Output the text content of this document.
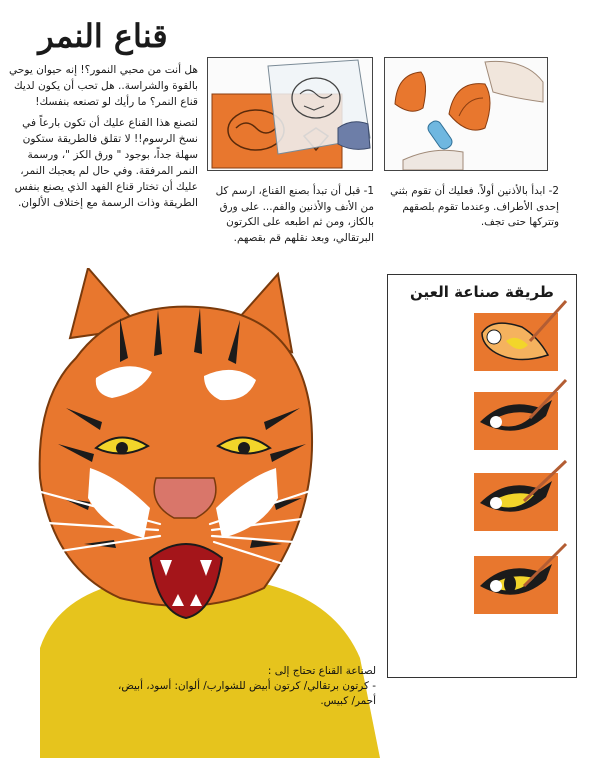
قناع النمر

هل أنت من محبي النمور؟! إنه حيوان يوحي بالقوة والشراسة.. هل تحب أن يكون لديك قناع النمر؟ ما رأيك لو تصنعه بنفسك!

لتصنع هذا القناع عليك أن تكون بارعاً في نسخ الرسوم!! لا تقلق فالطريقة ستكون سهلة جداً، بوجود " ورق الكز "، ورسمة النمر المرفقة. وفي حال لم يعجبك النمر، عليك أن تختار قناع الفهد الذي يصنع بنفس الطريقة وذات الرسمة مع إختلاف الألوان.

1- قبل أن تبدأ بصنع القناع، ارسم كل من الأنف والأذنين والفم... على ورق بالكاز، ومن ثم اطبعه على الكرتون البرتقالي، وبعد نقلهم قم بقصهم.
2- ابدأ بالأذنين أولاً. فعليك أن تقوم بثني إحدى الأطراف. وعندما تقوم بلصقهم وتتركها حتى تجف.
طريقة صناعة العين

لصناعة القناع تحتاج إلى :

- كرتون برتقالي/ كرتون أبيض للشوارب/ ألوان: أسود، أبيض، أحمر/ كبيس.
